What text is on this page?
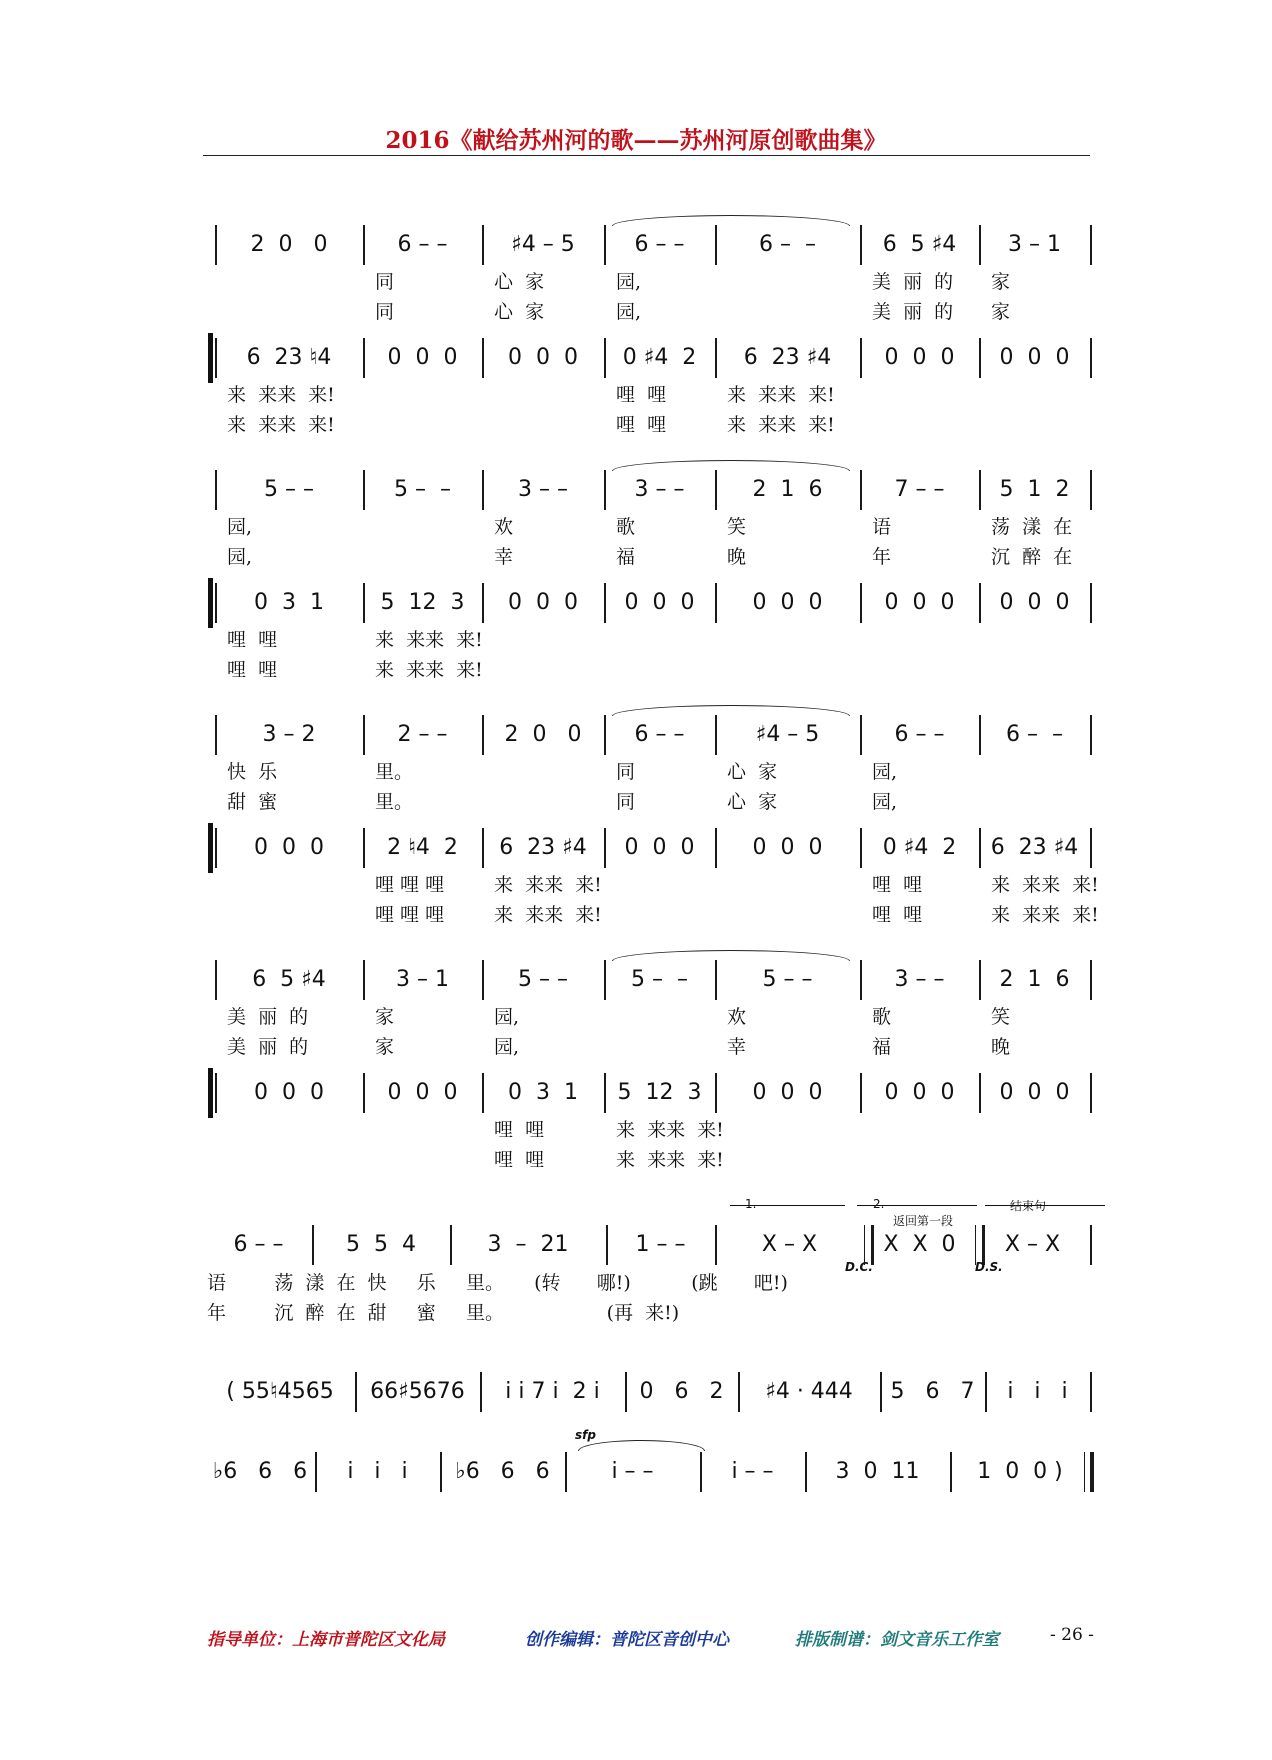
2016《献给苏州河的歌——苏州河原创歌曲集》
2  0   0	6 – –	♯4 – 5	6 – –	6 –  –	6  5 ♯4	3 – 1
同	心  家	园,	美  丽  的	家
同	心  家	园,	美  丽  的	家
6  23 ♮4	0  0  0	0  0  0	0 ♯4  2	6  23 ♯4	0  0  0	0  0  0
来  来来  来!	哩  哩	来  来来  来!
来  来来  来!	哩  哩	来  来来  来!
5 – –	5 –  –	3 – –	3 – –	2  1  6	7 – –	5  1  2
园,	欢	歌	笑	语	荡  漾  在
园,	幸	福	晚	年	沉  醉  在
0  3  1	5  12  3	0  0  0	0  0  0	0  0  0	0  0  0	0  0  0
哩  哩	来  来来  来!
哩  哩	来  来来  来!
3 – 2	2 – –	2  0   0	6 – –	♯4 – 5	6 – –	6 –  –
快  乐	里。	同	心  家	园,
甜  蜜	里。	同	心  家	园,
0  0  0	2 ♮4  2	6  23 ♯4	0  0  0	0  0  0	0 ♯4  2	6  23 ♯4
哩 哩 哩	来  来来  来!	哩  哩	来  来来  来!
哩 哩 哩	来  来来  来!	哩  哩	来  来来  来!
6  5 ♯4	3 – 1	5 – –	5 –  –	5 – –	3 – –	2  1  6
美  丽  的	家	园,	欢	歌	笑
美  丽  的	家	园,	幸	福	晚
0  0  0	0  0  0	0  3  1	5  12  3	0  0  0	0  0  0	0  0  0
哩  哩	来  来来  来!
哩  哩	来  来来  来!
6 – –	5  5  4	3  –  21	1 – –	X – X	X  X  0	X – X
语        荡  漾  在  快     乐     里。     (转      哪!)          (跳      吧!)
年        沉  醉  在  甜     蜜     里。                 (再  来!)
1.	2.
返回第一段
结束句
D.C.	D.S.
( 55♮4565	66♯5676	i i 7 i  2 i	0   6   2	♯4 · 444	5   6   7	i   i   i
♭6   6   6	i   i   i	♭6   6   6	i – –	i – –	3  0  11	1  0  0 )
sfp
指导单位：上海市普陀区文化局	创作编辑：普陀区音创中心	排版制谱：剑文音乐工作室	- 26 -
